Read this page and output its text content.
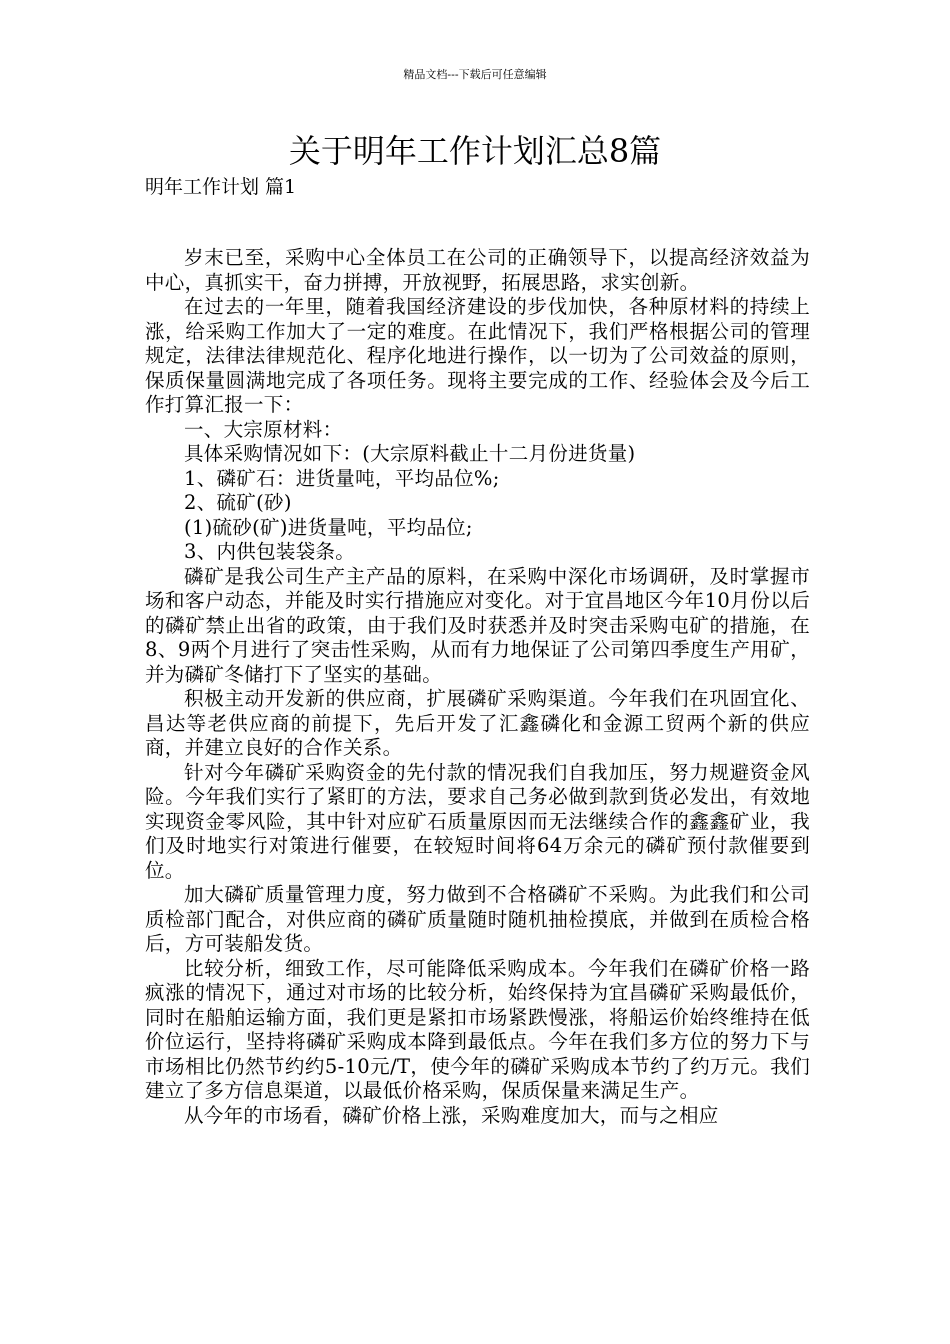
精品文档---下载后可任意编辑
关于明年工作计划汇总8篇
明年工作计划 篇1

岁末已至，采购中心全体员工在公司的正确领导下，以提高经济效益为中心，真抓实干，奋力拼搏，开放视野，拓展思路，求实创新。

在过去的一年里，随着我国经济建设的步伐加快，各种原材料的持续上涨，给采购工作加大了一定的难度。在此情况下，我们严格根据公司的管理规定，法律法律规范化、程序化地进行操作，以一切为了公司效益的原则，保质保量圆满地完成了各项任务。现将主要完成的工作、经验体会及今后工作打算汇报一下：

一、大宗原材料：

具体采购情况如下：(大宗原料截止十二月份进货量)

1、磷矿石：进货量吨，平均品位%;

2、硫矿(砂)

(1)硫砂(矿)进货量吨，平均品位;

3、内供包装袋条。

磷矿是我公司生产主产品的原料，在采购中深化市场调研，及时掌握市场和客户动态，并能及时实行措施应对变化。对于宜昌地区今年10月份以后的磷矿禁止出省的政策，由于我们及时获悉并及时突击采购屯矿的措施，在8、9两个月进行了突击性采购，从而有力地保证了公司第四季度生产用矿，并为磷矿冬储打下了坚实的基础。

积极主动开发新的供应商，扩展磷矿采购渠道。今年我们在巩固宜化、昌达等老供应商的前提下，先后开发了汇鑫磷化和金源工贸两个新的供应商，并建立良好的合作关系。

针对今年磷矿采购资金的先付款的情况我们自我加压，努力规避资金风险。今年我们实行了紧盯的方法，要求自己务必做到款到货必发出，有效地实现资金零风险，其中针对应矿石质量原因而无法继续合作的鑫鑫矿业，我们及时地实行对策进行催要，在较短时间将64万余元的磷矿预付款催要到位。

加大磷矿质量管理力度，努力做到不合格磷矿不采购。为此我们和公司质检部门配合，对供应商的磷矿质量随时随机抽检摸底，并做到在质检合格后，方可装船发货。

比较分析，细致工作，尽可能降低采购成本。今年我们在磷矿价格一路疯涨的情况下，通过对市场的比较分析，始终保持为宜昌磷矿采购最低价，同时在船舶运输方面，我们更是紧扣市场紧跌慢涨，将船运价始终维持在低价位运行，坚持将磷矿采购成本降到最低点。今年在我们多方位的努力下与市场相比仍然节约约5-10元/T，使今年的磷矿采购成本节约了约万元。我们建立了多方信息渠道，以最低价格采购，保质保量来满足生产。

从今年的市场看，磷矿价格上涨，采购难度加大，而与之相应
